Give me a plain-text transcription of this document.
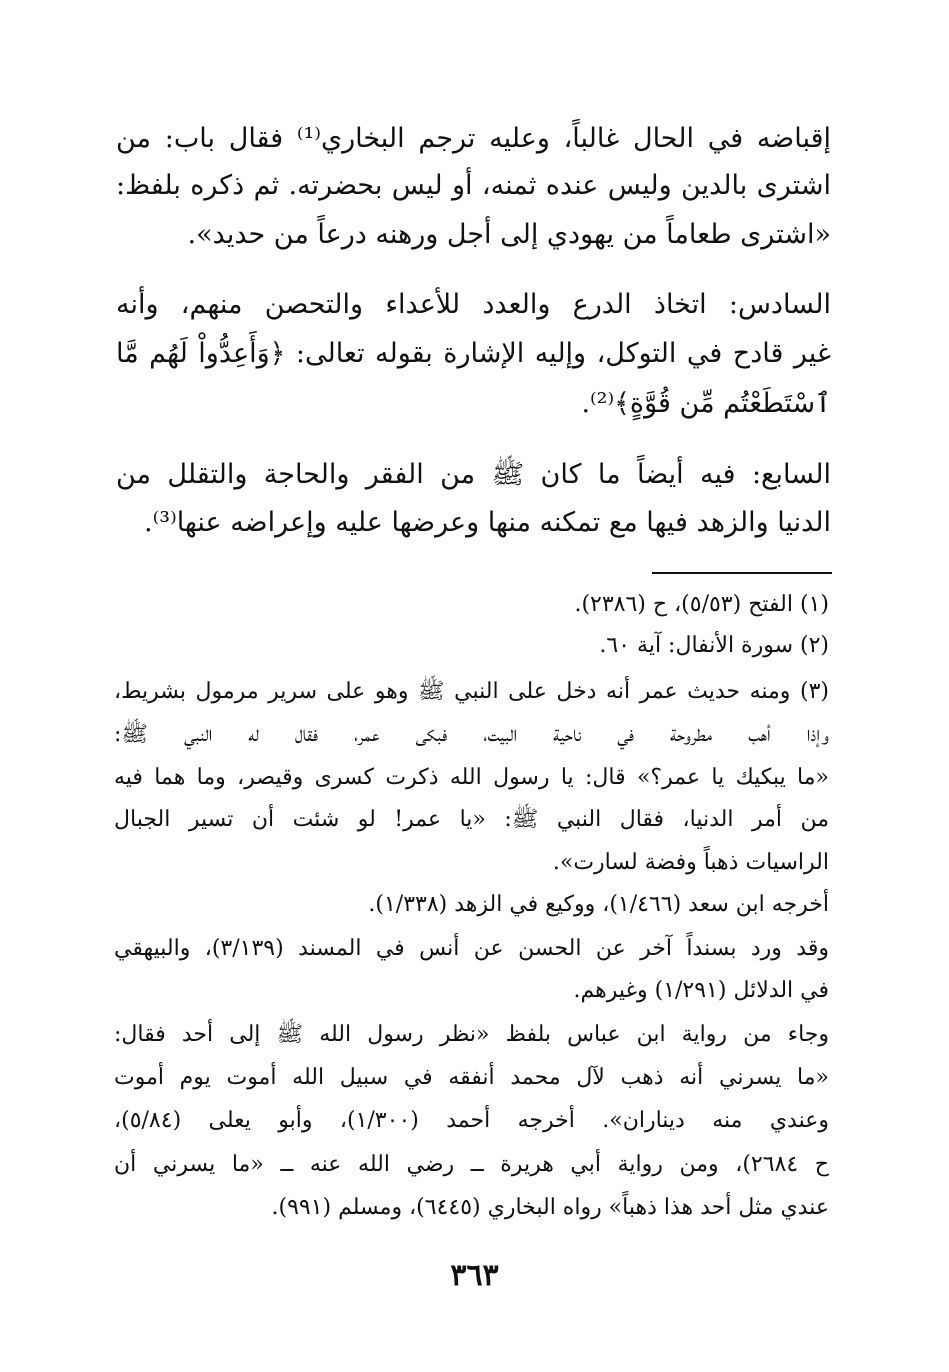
إقباضه في الحال غالباً، وعليه ترجم البخاري⁽¹⁾ فقال باب: من
اشترى بالدين وليس عنده ثمنه، أو ليس بحضرته. ثم ذكره بلفظ:
«اشترى طعاماً من يهودي إلى أجل ورهنه درعاً من حديد».
السادس: اتخاذ الدرع والعدد للأعداء والتحصن منهم، وأنه
غير قادح في التوكل، وإليه الإشارة بقوله تعالى: ﴿وَأَعِدُّواْ لَهُم مَّا
ٱسْتَطَعْتُم مِّن قُوَّةٍ﴾⁽²⁾.
السابع: فيه أيضاً ما كان ﷺ من الفقر والحاجة والتقلل من
الدنيا والزهد فيها مع تمكنه منها وعرضها عليه وإعراضه عنها⁽³⁾.
(١) الفتح (٥/٥٣)، ح (٢٣٨٦).
(٢) سورة الأنفال: آية ٦٠.
(٣) ومنه حديث عمر أنه دخل على النبي ﷺ وهو على سرير مرمول بشريط،
وإذا أهب مطروحة في ناحية البيت، فبكى عمر، فقال له النبي ﷺ:
«ما يبكيك يا عمر؟» قال: يا رسول الله ذكرت كسرى وقيصر، وما هما فيه
من أمر الدنيا، فقال النبي ﷺ: «يا عمر! لو شئت أن تسير الجبال
الراسيات ذهباً وفضة لسارت».
أخرجه ابن سعد (١/٤٦٦)، ووكيع في الزهد (١/٣٣٨).
وقد ورد بسنداً آخر عن الحسن عن أنس في المسند (٣/١٣٩)، والبيهقي
في الدلائل (١/٢٩١) وغيرهم.
وجاء من رواية ابن عباس بلفظ «نظر رسول الله ﷺ إلى أحد فقال:
«ما يسرني أنه ذهب لآل محمد أنفقه في سبيل الله أموت يوم أموت
وعندي منه ديناران». أخرجه أحمد (١/٣٠٠)، وأبو يعلى (٥/٨٤)،
ح ٢٦٨٤)، ومن رواية أبي هريرة ــ رضي الله عنه ــ «ما يسرني أن
عندي مثل أحد هذا ذهباً» رواه البخاري (٦٤٤٥)، ومسلم (٩٩١).
٣٦٣
